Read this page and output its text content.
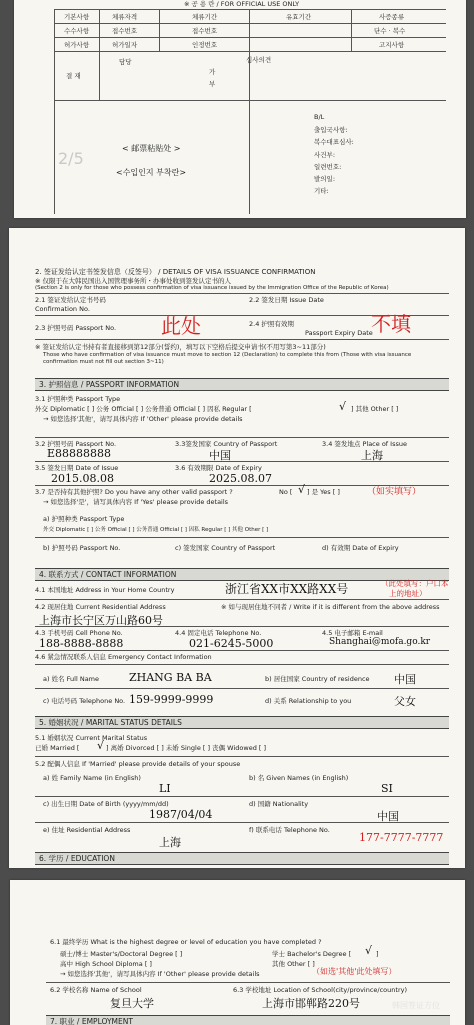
※ 공 용 란 / FOR OFFICIAL USE ONLY
기본사항	체류자격	체류기간	유효기간	사증종류
수수사항	접수번호	접수번호	단수 · 복수
허가사항	허가일자	인정번호	고지사항
결 재
담당
가
부
심사의견
2/5
< 邮票粘贴处 >
<수입인지 부착란>
B/L
출입국사항:
복수대표심사:
사건부:
일련번호:
발의일:
기타:
2. 签证发给认定书签发信息（反签号） / DETAILS OF VISA ISSUANCE CONFIRMATION
※ 仅限于在大韩民国出入国管理事务所・办事处收到签发认定书的人
(Section 2 is only for those who possess confirmation of visa issuance issued by the Immigration Office of the Republic of Korea)
2.1 签证发给认定书号码
Confirmation No.
2.2 签发日期 Issue Date
2.3 护照号码 Passport No.	2.4 护照有效期
Passport Expiry Date
此处	不填
※ 签证发给认定书持有者直接移到第12部分(誓约)，填写以下空格后提交申请书(不用写第3~11部分)
Those who have confirmation of visa issuance must move to section 12 (Declaration) to complete this from (Those with visa issuance confirmation must not fill out section 3~11)
3. 护照信息 / PASSPORT INFORMATION
3.1 护照种类 Passport Type
外交 Diplomatic [ ] 公务 Official [ ] 公务普通 Official [ ] 因私 Regular [	√ ] 其他 Other [ ]
→ 如您选择'其他'，请写具体内容 If 'Other' please provide details
3.2 护照号码 Passport No.	3.3签发国家 Country of Passport	3.4 签发地点 Place of Issue
E88888888	中国	上海
3.5 签发日期 Date of Issue	3.6 有效期限 Date of Expiry
2015.08.08	2025.08.07
3.7 是否持有其他护照? Do you have any other valid passport ?	No [ √ ] 是 Yes [ ]	（如实填写）
→ 如您选择'是'，请写具体内容 If 'Yes' please provide details
a) 护照种类 Passport Type
外交 Diplomatic [ ] 公务 Official [ ] 公务普通 Official [ ] 因私 Regular [ ] 其他 Other [ ]
b) 护照号码 Passport No.	c) 签发国家 Country of Passport	d) 有效期 Date of Expiry
4. 联系方式 / CONTACT INFORMATION
4.1 本国地址 Address in Your Home Country	浙江省XX市XX路XX号	（此处填写：户口本
上的地址）
4.2 现居住地 Current Residential Address	※ 如与现居住地不同者 / Write if it is different from the above address
上海市长宁区万山路60号
4.3 手机号码 Cell Phone No.	4.4 固定电话 Telephone No.	4.5 电子邮箱 E-mail
188-8888-8888	021-6245-5000	Shanghai@mofa.go.kr
4.6 紧急情况联系人信息 Emergency Contact Information
a) 姓名 Full Name	ZHANG BA BA	b) 居住国家 Country of residence 中国
c) 电话号码 Telephone No. 159-9999-9999	d) 关系 Relationship to you	父女
5. 婚姻状况 / MARITAL STATUS DETAILS
5.1 婚姻状况 Current Marital Status
已婚 Married [ √ ] 离婚 Divorced [ ] 未婚 Single [ ] 丧偶 Widowed [ ]
5.2 配偶人信息 If 'Married' please provide details of your spouse
a) 姓 Family Name (in English)	b) 名 Given Names (in English)
LI	SI
c) 出生日期 Date of Birth (yyyy/mm/dd)	d) 国籍 Nationality
1987/04/04	中国
e) 住址 Residential Address	f) 联系电话 Telephone No.
上海	177-7777-7777
6. 学历 / EDUCATION
6.1 最终学历 What is the highest degree or level of education you have completed ?
硕士/博士 Master's/Doctoral Degree [ ]	学士 Bachelor's Degree [ √ ]
高中 High School Diploma [ ]	其他 Other [ ]
→ 如您选择'其他'，请写具体内容 If 'Other' please provide details	（如选'其他'此处填写）
6.2 学校名称 Name of School	6.3 学校地址 Location of School(city/province/country)
复旦大学	上海市邯郸路220号
7. 职业 / EMPLOYMENT
韩国签证方位
